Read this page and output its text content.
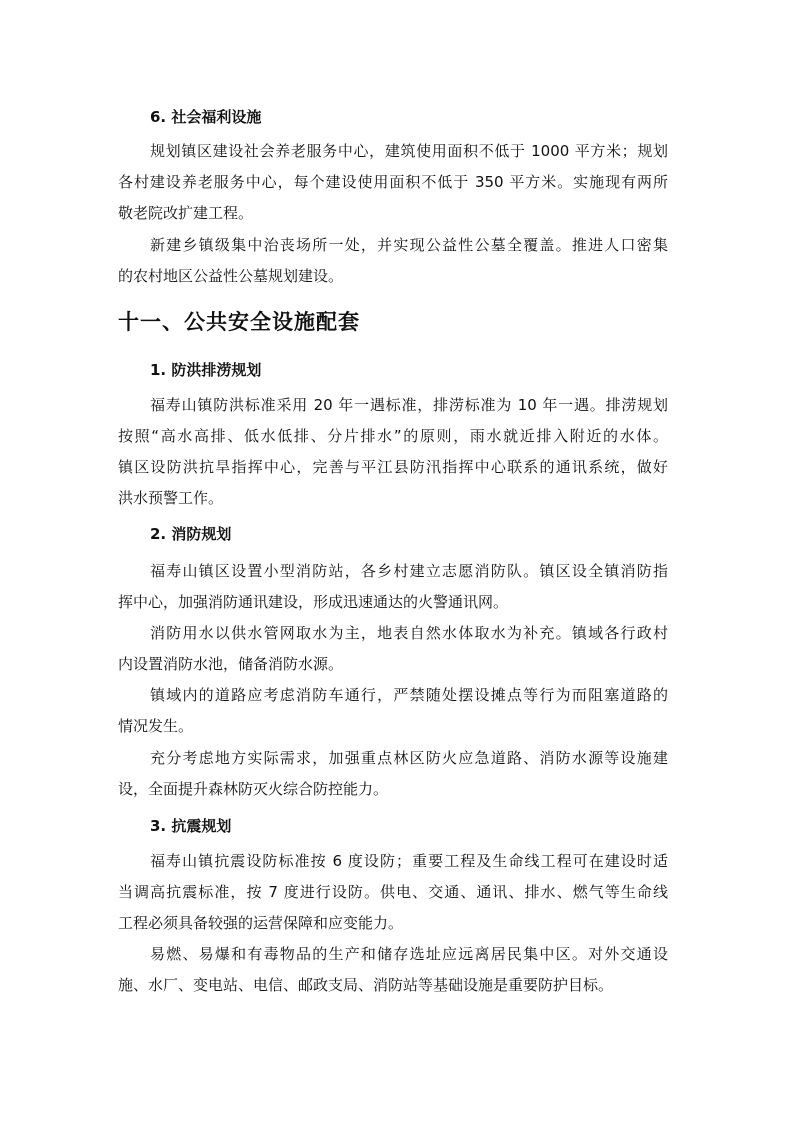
6. 社会福利设施
规划镇区建设社会养老服务中心，建筑使用面积不低于 1000 平方米；规划
各村建设养老服务中心，每个建设使用面积不低于 350 平方米。实施现有两所
敬老院改扩建工程。
新建乡镇级集中治丧场所一处，并实现公益性公墓全覆盖。推进人口密集
的农村地区公益性公墓规划建设。
十一、公共安全设施配套
1. 防洪排涝规划
福寿山镇防洪标准采用 20 年一遇标准，排涝标准为 10 年一遇。排涝规划
按照“高水高排、低水低排、分片排水”的原则，雨水就近排入附近的水体。
镇区设防洪抗旱指挥中心，完善与平江县防汛指挥中心联系的通讯系统，做好
洪水预警工作。
2. 消防规划
福寿山镇区设置小型消防站，各乡村建立志愿消防队。镇区设全镇消防指
挥中心，加强消防通讯建设，形成迅速通达的火警通讯网。
消防用水以供水管网取水为主，地表自然水体取水为补充。镇域各行政村
内设置消防水池，储备消防水源。
镇域内的道路应考虑消防车通行，严禁随处摆设摊点等行为而阻塞道路的
情况发生。
充分考虑地方实际需求，加强重点林区防火应急道路、消防水源等设施建
设，全面提升森林防灭火综合防控能力。
3. 抗震规划
福寿山镇抗震设防标准按 6 度设防；重要工程及生命线工程可在建设时适
当调高抗震标准，按 7 度进行设防。供电、交通、通讯、排水、燃气等生命线
工程必须具备较强的运营保障和应变能力。
易燃、易爆和有毒物品的生产和储存选址应远离居民集中区。对外交通设
施、水厂、变电站、电信、邮政支局、消防站等基础设施是重要防护目标。
